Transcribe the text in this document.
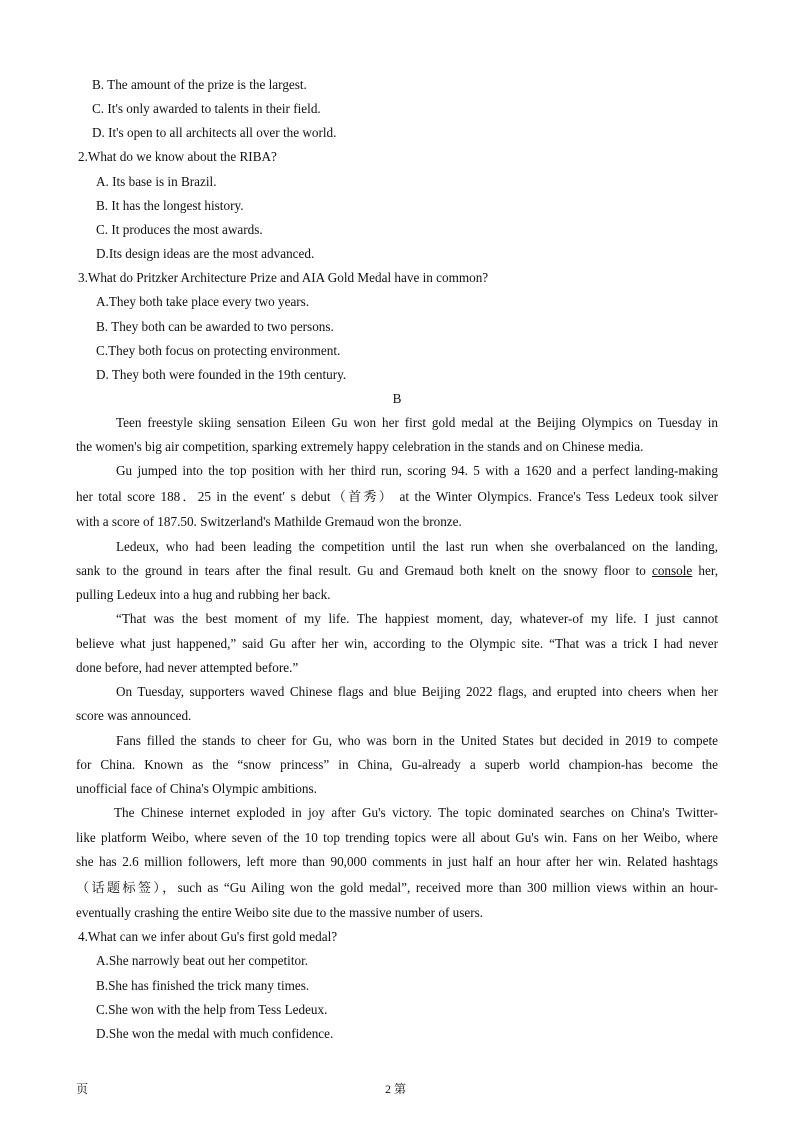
B. The amount of the prize is the largest.
C. It's only awarded to talents in their field.
D. It's open to all architects all over the world.
2.What do we know about the RIBA?
A. Its base is in Brazil.
B. It has the longest history.
C. It produces the most awards.
D.Its design ideas are the most advanced.
3.What do Pritzker Architecture Prize and AIA Gold Medal have in common?
A.They both take place every two years.
B. They both can be awarded to two persons.
C.They both focus on protecting environment.
D. They both were founded in the 19th century.
B
Teen freestyle skiing sensation Eileen Gu won her first gold medal at the Beijing Olympics on Tuesday in
the women's big air competition, sparking extremely happy celebration in the stands and on Chinese media.
Gu jumped into the top position with her third run, scoring 94. 5 with a 1620 and a perfect landing-making
her total score 188．25 in the event′ s debut（首秀） at the Winter Olympics. France's Tess Ledeux took silver
with a score of 187.50. Switzerland's Mathilde Gremaud won the bronze.
Ledeux, who had been leading the competition until the last run when she overbalanced on the landing,
sank to the ground in tears after the final result. Gu and Gremaud both knelt on the snowy floor to console her,
pulling Ledeux into a hug and rubbing her back.
“That was the best moment of my life. The happiest moment, day, whatever-of my life. I just cannot
believe what just happened,” said Gu after her win, according to the Olympic site. “That was a trick I had never
done before, had never attempted before.”
On Tuesday, supporters waved Chinese flags and blue Beijing 2022 flags, and erupted into cheers when her
score was announced.
Fans filled the stands to cheer for Gu, who was born in the United States but decided in 2019 to compete
for China. Known as the “snow princess” in China, Gu-already a superb world champion-has become the
unofficial face of China's Olympic ambitions.
The Chinese internet exploded in joy after Gu's victory. The topic dominated searches on China's Twitter-
like platform Weibo, where seven of the 10 top trending topics were all about Gu's win. Fans on her Weibo, where
she has 2.6 million followers, left more than 90,000 comments in just half an hour after her win. Related hashtags
（话题标签），such as “Gu Ailing won the gold medal”, received more than 300 million views within an hour-
eventually crashing the entire Weibo site due to the massive number of users.
4.What can we infer about Gu's first gold medal?
A.She narrowly beat out her competitor.
B.She has finished the trick many times.
C.She won with the help from Tess Ledeux.
D.She won the medal with much confidence.
页	2 第
